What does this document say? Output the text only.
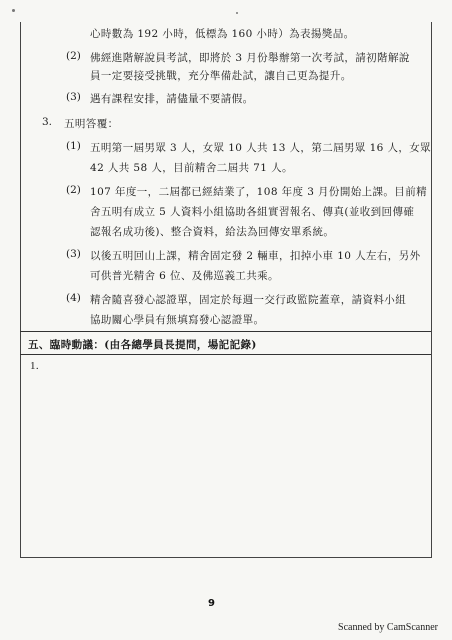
心時數為 192 小時，低標為 160 小時）為表揚獎品。
(2) 佛經進階解說員考試，即將於 3 月份舉辦第一次考試，請初階解說
員一定要接受挑戰，充分準備赴試，讓自己更為提升。
(3) 遇有課程安排，請儘量不要請假。
3. 五明答覆：
(1) 五明第一屆男眾 3 人，女眾 10 人共 13 人，第二屆男眾 16 人，女眾
42 人共 58 人，目前精舍二屆共 71 人。
(2) 107 年度一，二屆都已經結業了，108 年度 3 月份開始上課。目前精
舍五明有成立 5 人資料小組協助各組實習報名、傳真(並收到回傳確
認報名成功後)、整合資料，給法為回傳安單系統。
(3) 以後五明回山上課，精舍固定發 2 輛車，扣掉小車 10 人左右，另外
可供普光精舍 6 位、及佛巡義工共乘。
(4) 精舍隨喜發心認證單，固定於每週一交行政監院蓋章，請資料小組
協助關心學員有無填寫發心認證單。
五、臨時動議：(由各總學員長提問，場記記錄)
1.
9
Scanned by CamScanner
